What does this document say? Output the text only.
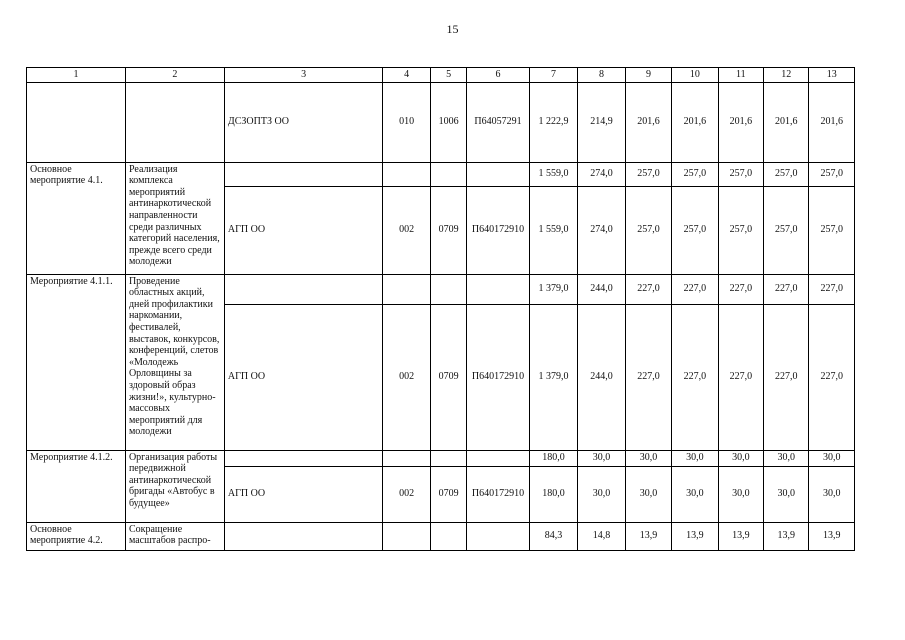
15
1	2	3	4	5	6	7	8	9	10	11	12	13
		ДСЗОПТЗ ОО	010	1006	П64057291	1 222,9	214,9	201,6	201,6	201,6	201,6	201,6
Основное мероприятие 4.1.	Реализация комплекса мероприятий антинаркотической направленности среди различных категорий населения, прежде всего среди молодежи					1 559,0	274,0	257,0	257,0	257,0	257,0	257,0
		АГП ОО	002	0709	П640172910	1 559,0	274,0	257,0	257,0	257,0	257,0	257,0
Мероприятие 4.1.1.	Проведение областных акций, дней профилактики наркомании, фестивалей, выставок, конкурсов, конференций, слетов «Молодежь Орловщины за здоровый образ жизни!», культурно-массовых мероприятий для молодежи					1 379,0	244,0	227,0	227,0	227,0	227,0	227,0
		АГП ОО	002	0709	П640172910	1 379,0	244,0	227,0	227,0	227,0	227,0	227,0
Мероприятие 4.1.2.	Организация работы передвижной антинаркотической бригады «Автобус в будущее»					180,0	30,0	30,0	30,0	30,0	30,0	30,0
		АГП ОО	002	0709	П640172910	180,0	30,0	30,0	30,0	30,0	30,0	30,0
Основное мероприятие 4.2.	Сокращение масштабов распро-					84,3	14,8	13,9	13,9	13,9	13,9	13,9
